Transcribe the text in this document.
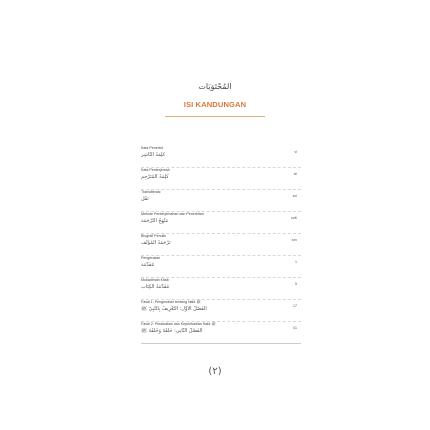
المُحْتَوَيَات
ISI KANDUNGAN
Kata Penerbit
كَلِمَةُ النَّاشِر	vi
Kata Penterjemah
كَلِمَةُ المُتَرْجِم	xii
Transliterasi
نَقْل	xvi
Metode Penterjemahan dan Penerbitan
مَنْهَجُ التَّرْجَمَة	xviii
Biografi Penulis
تَرْجَمَةُ المُؤَلِّف	xxv
Pengenalan
مُقَدِّمَة	1
Mukadimah Kitab
مُقَدِّمَةُ الكِتَاب	5
Fasal 1: Pengenalan tentang Nabi ﷺ
الفَصْلُ الأَوَّل: التَّعْرِيفُ بِالنَّبِيّ ﷺ	17
Fasal 2: Perawakan dan Keperibadian Nabi ﷺ
الفَصْلُ الثَّانِي: خَلْقُهُ وَخُلُقُهُ ﷺ	41
(٢)
